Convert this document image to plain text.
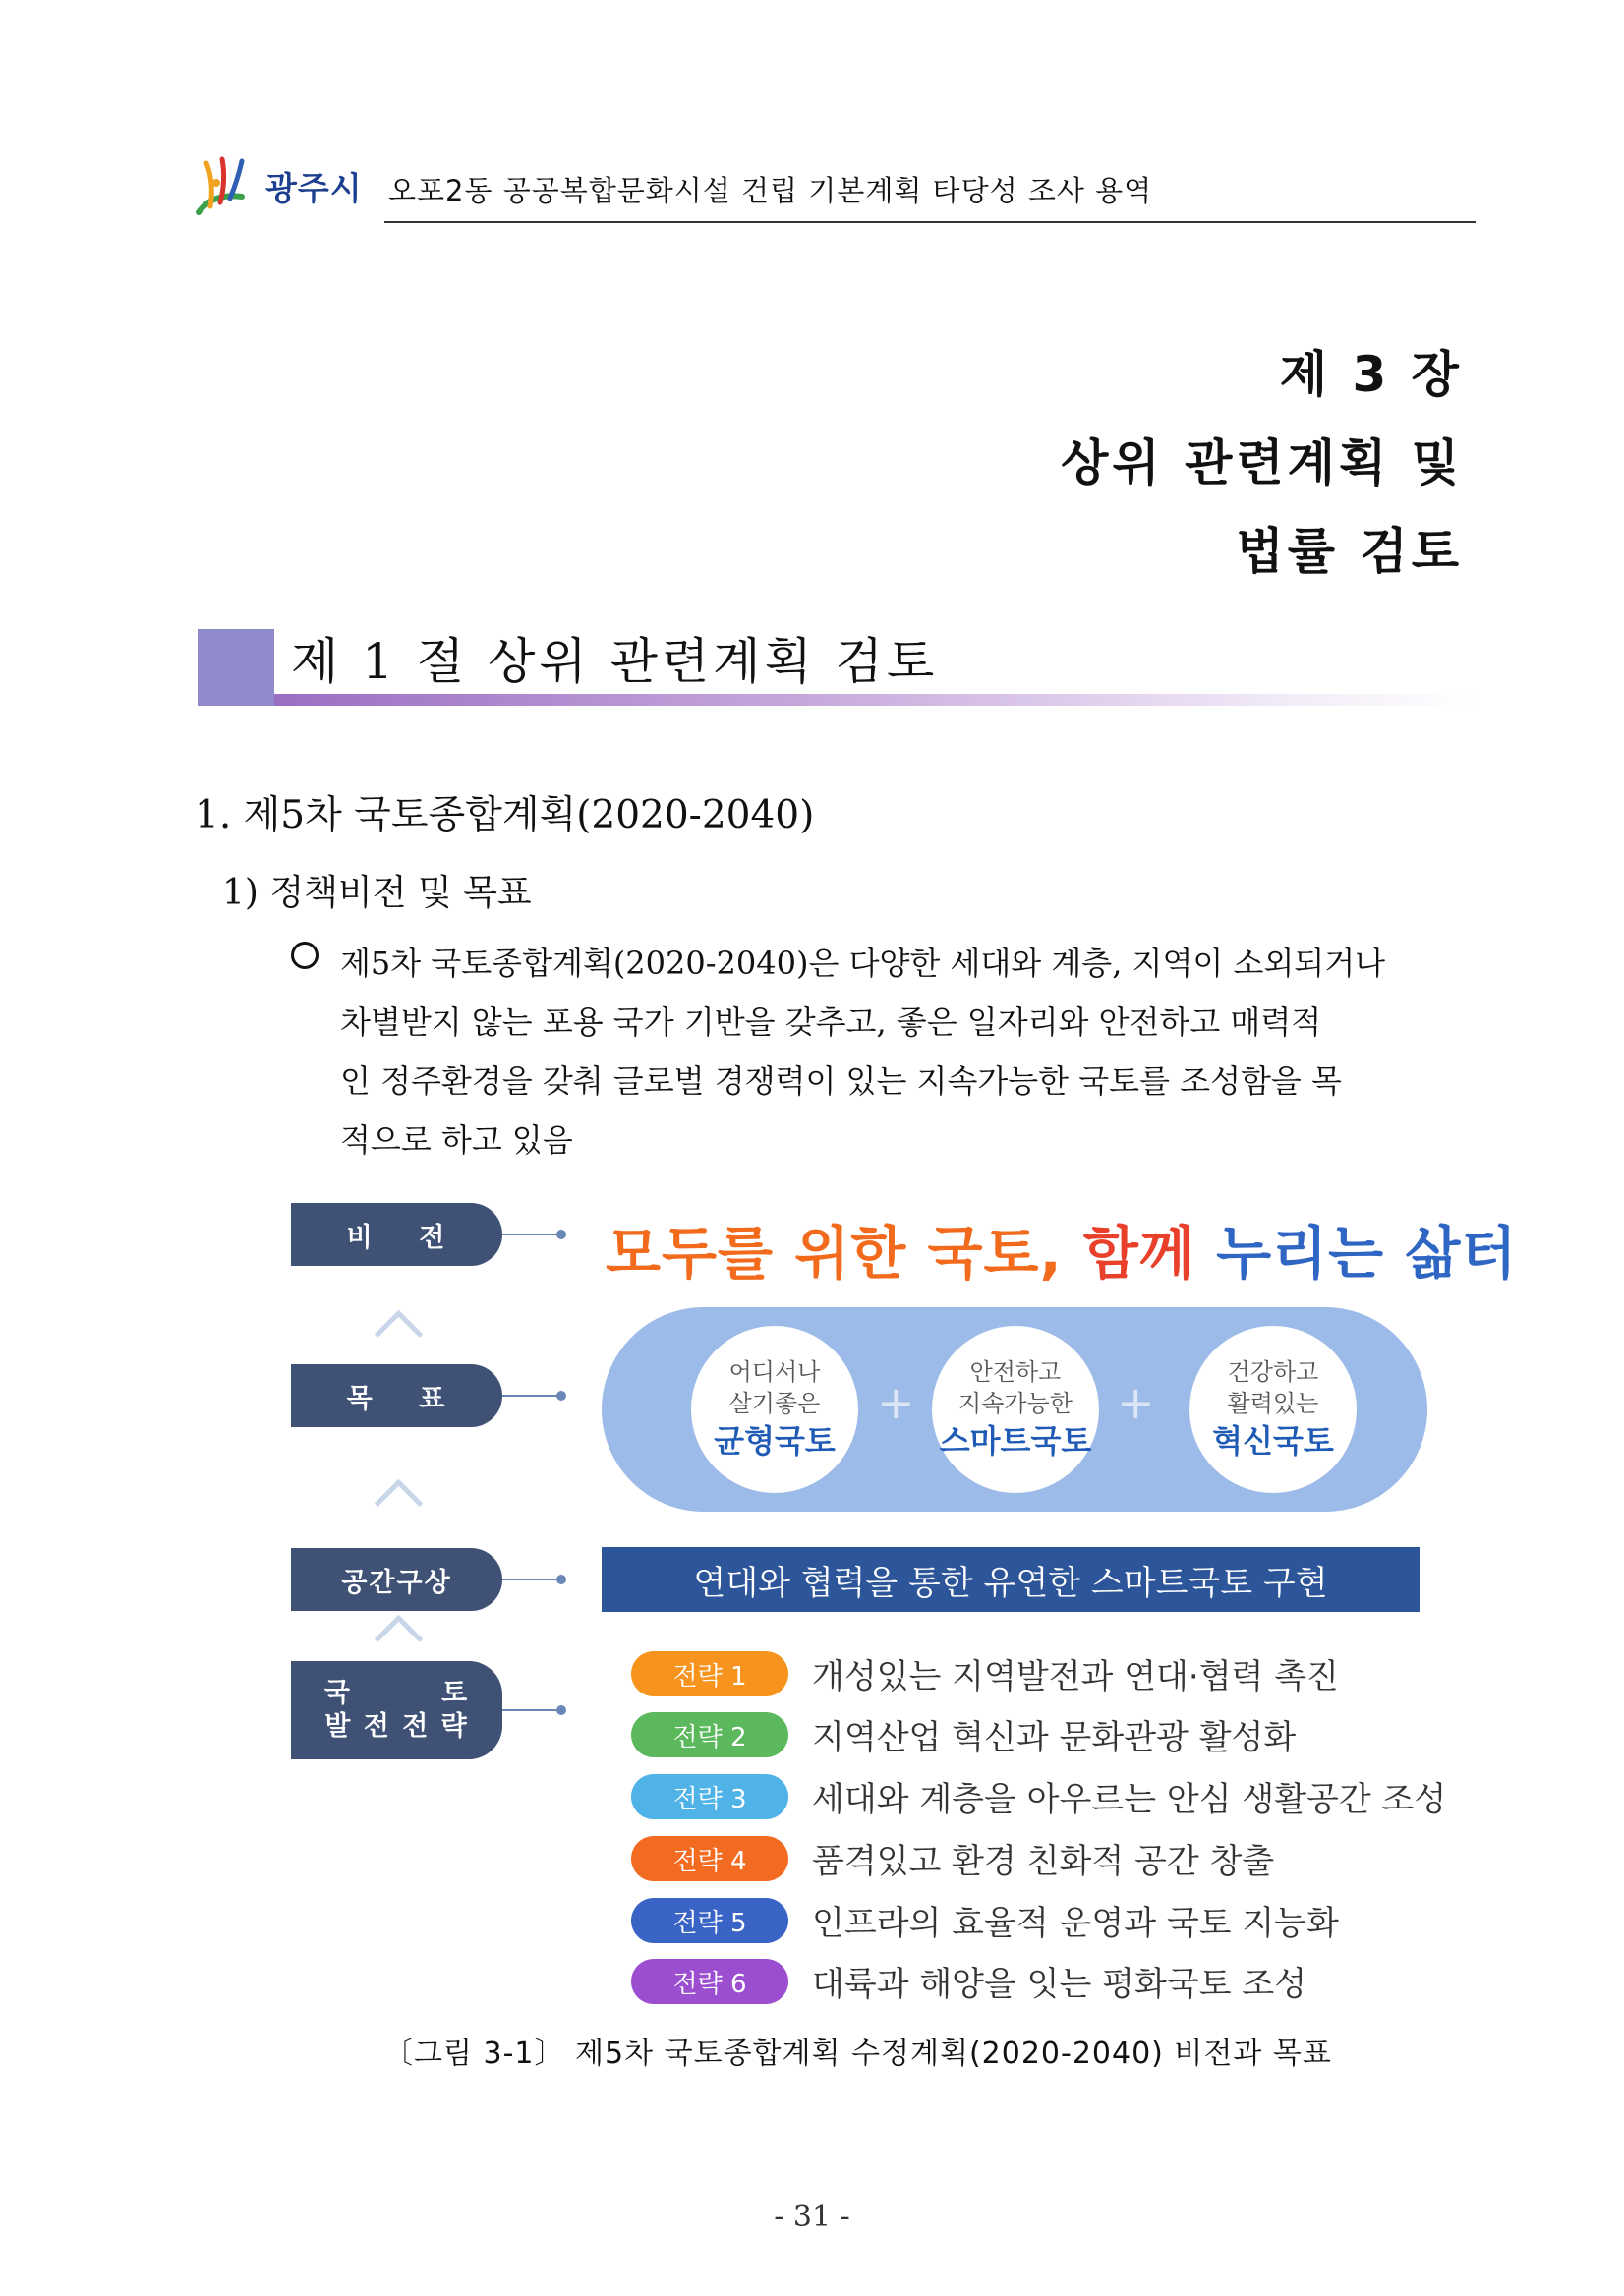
광주시 오포2동 공공복합문화시설 건립 기본계획 타당성 조사 용역
제 3 장
상위 관련계획 및
법률 검토
제 1 절 상위 관련계획 검토
1. 제5차 국토종합계획(2020-2040)
1) 정책비전 및 목표
제5차 국토종합계획(2020-2040)은 다양한 세대와 계층, 지역이 소외되거나
차별받지 않는 포용 국가 기반을 갖추고, 좋은 일자리와 안전하고 매력적
인 정주환경을 갖춰 글로벌 경쟁력이 있는 지속가능한 국토를 조성함을 목
적으로 하고 있음
비    전
목    표
공간구상
국        토
발 전 전 략
모두를 위한 국토, 함께 누리는 삶터
어디서나
살기좋은
균형국토
+
안전하고
지속가능한
스마트국토
+
건강하고
활력있는
혁신국토
연대와 협력을 통한 유연한 스마트국토 구현
전략 1	개성있는 지역발전과 연대·협력 촉진
전략 2	지역산업 혁신과 문화관광 활성화
전략 3	세대와 계층을 아우르는 안심 생활공간 조성
전략 4	품격있고 환경 친화적 공간 창출
전략 5	인프라의 효율적 운영과 국토 지능화
전략 6	대륙과 해양을 잇는 평화국토 조성
〔그림 3-1〕 제5차 국토종합계획 수정계획(2020-2040) 비전과 목표
- 31 -
